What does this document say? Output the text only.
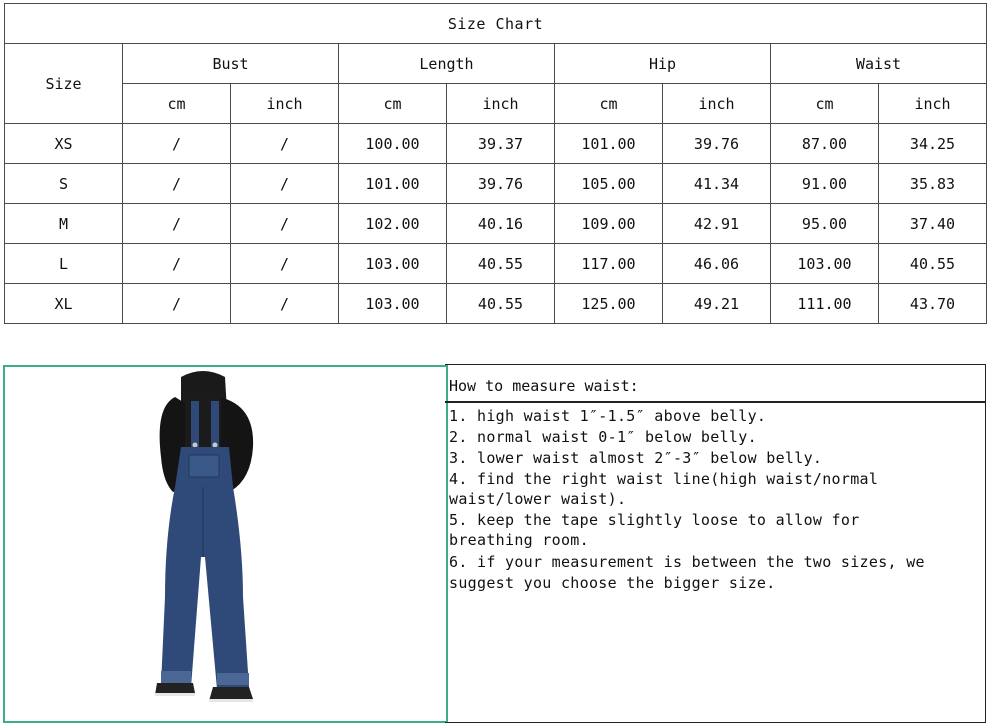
Size Chart								
Size	Bust		Length		Hip		Waist	
	cm	inch	cm	inch	cm	inch	cm	inch
XS	/	/	100.00	39.37	101.00	39.76	87.00	34.25
S	/	/	101.00	39.76	105.00	41.34	91.00	35.83
M	/	/	102.00	40.16	109.00	42.91	95.00	37.40
L	/	/	103.00	40.55	117.00	46.06	103.00	40.55
XL	/	/	103.00	40.55	125.00	49.21	111.00	43.70
How to measure waist:
1. high waist 1″-1.5″ above belly.
2. normal waist 0-1″ below belly.
3. lower waist almost 2″-3″ below belly.
4. find the right waist line(high waist/normal
waist/lower waist).
5. keep the tape slightly loose to allow for
breathing room.
6. if your measurement is between the two sizes, we
suggest you choose the bigger size.
